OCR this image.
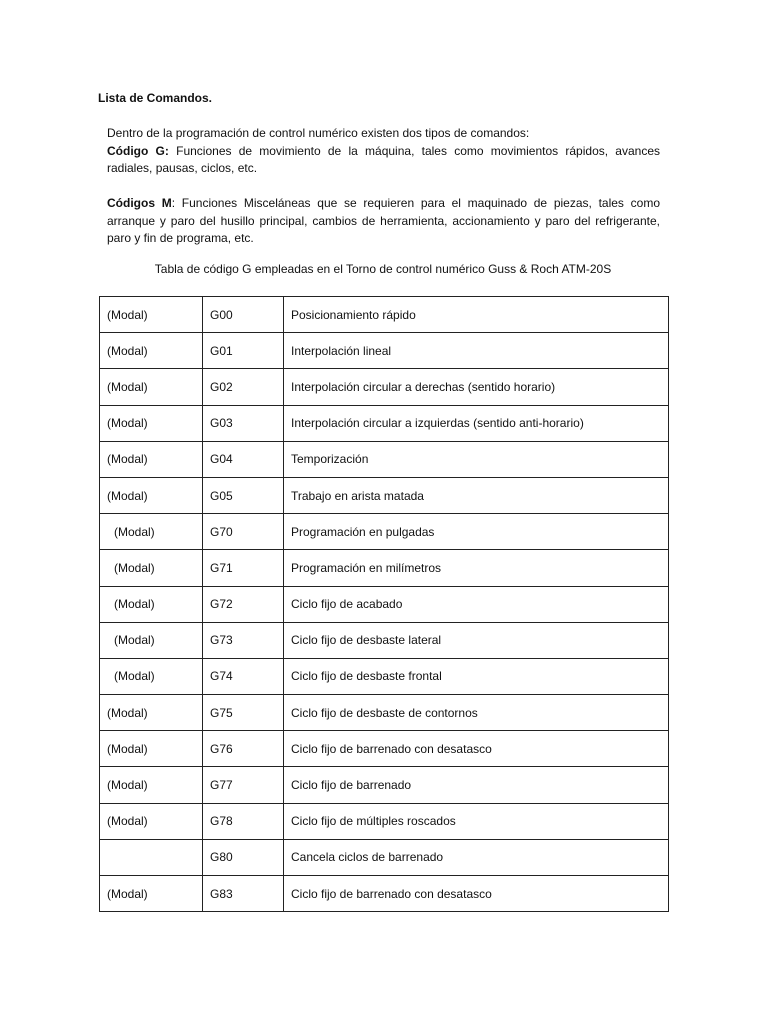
Lista de Comandos.

Dentro de la programación de control numérico existen dos tipos de comandos:

Código G: Funciones de movimiento de la máquina, tales como movimientos rápidos, avances radiales, pausas, ciclos, etc.

Códigos M: Funciones Misceláneas que se requieren para el maquinado de piezas, tales como arranque y paro del husillo principal, cambios de herramienta, accionamiento y paro del refrigerante, paro y fin de programa, etc.

Tabla de código G empleadas en el Torno de control numérico Guss & Roch ATM-20S
(Modal)	G00	Posicionamiento rápido
(Modal)	G01	Interpolación lineal
(Modal)	G02	Interpolación circular a derechas (sentido horario)
(Modal)	G03	Interpolación circular a izquierdas (sentido anti-horario)
(Modal)	G04	Temporización
(Modal)	G05	Trabajo en arista matada
(Modal)	G70	Programación en pulgadas
(Modal)	G71	Programación en milímetros
(Modal)	G72	Ciclo fijo de acabado
(Modal)	G73	Ciclo fijo de desbaste lateral
(Modal)	G74	Ciclo fijo de desbaste frontal
(Modal)	G75	Ciclo fijo de desbaste de contornos
(Modal)	G76	Ciclo fijo de barrenado con desatasco
(Modal)	G77	Ciclo fijo de barrenado
(Modal)	G78	Ciclo fijo de múltiples roscados
	G80	Cancela ciclos de barrenado
(Modal)	G83	Ciclo fijo de barrenado con desatasco
